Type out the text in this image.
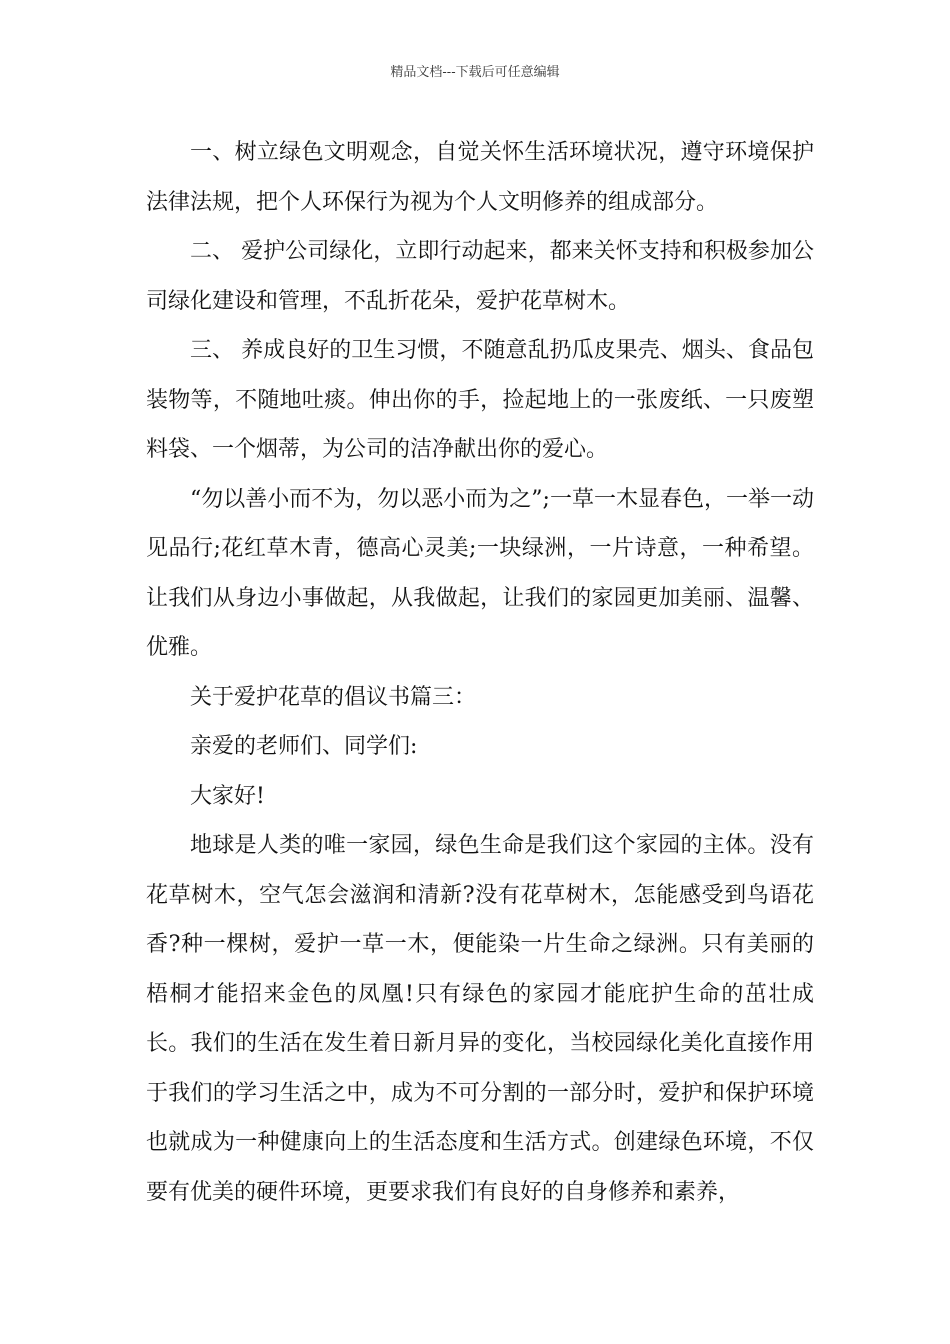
精品文档---下载后可任意编辑

一、树立绿色文明观念，自觉关怀生活环境状况，遵守环境保护法律法规，把个人环保行为视为个人文明修养的组成部分。

二、 爱护公司绿化，立即行动起来，都来关怀支持和积极参加公司绿化建设和管理，不乱折花朵，爱护花草树木。

三、 养成良好的卫生习惯，不随意乱扔瓜皮果壳、烟头、食品包装物等，不随地吐痰。伸出你的手，捡起地上的一张废纸、一只废塑料袋、一个烟蒂，为公司的洁净献出你的爱心。

“勿以善小而不为，勿以恶小而为之”;一草一木显春色，一举一动见品行;花红草木青，德高心灵美;一块绿洲，一片诗意，一种希望。让我们从身边小事做起，从我做起，让我们的家园更加美丽、温馨、优雅。

关于爱护花草的倡议书篇三：

亲爱的老师们、同学们:

大家好!

地球是人类的唯一家园，绿色生命是我们这个家园的主体。没有花草树木，空气怎会滋润和清新?没有花草树木，怎能感受到鸟语花香?种一棵树，爱护一草一木，便能染一片生命之绿洲。只有美丽的梧桐才能招来金色的凤凰!只有绿色的家园才能庇护生命的茁壮成长。我们的生活在发生着日新月异的变化，当校园绿化美化直接作用于我们的学习生活之中，成为不可分割的一部分时，爱护和保护环境也就成为一种健康向上的生活态度和生活方式。创建绿色环境，不仅要有优美的硬件环境，更要求我们有良好的自身修养和素养，
